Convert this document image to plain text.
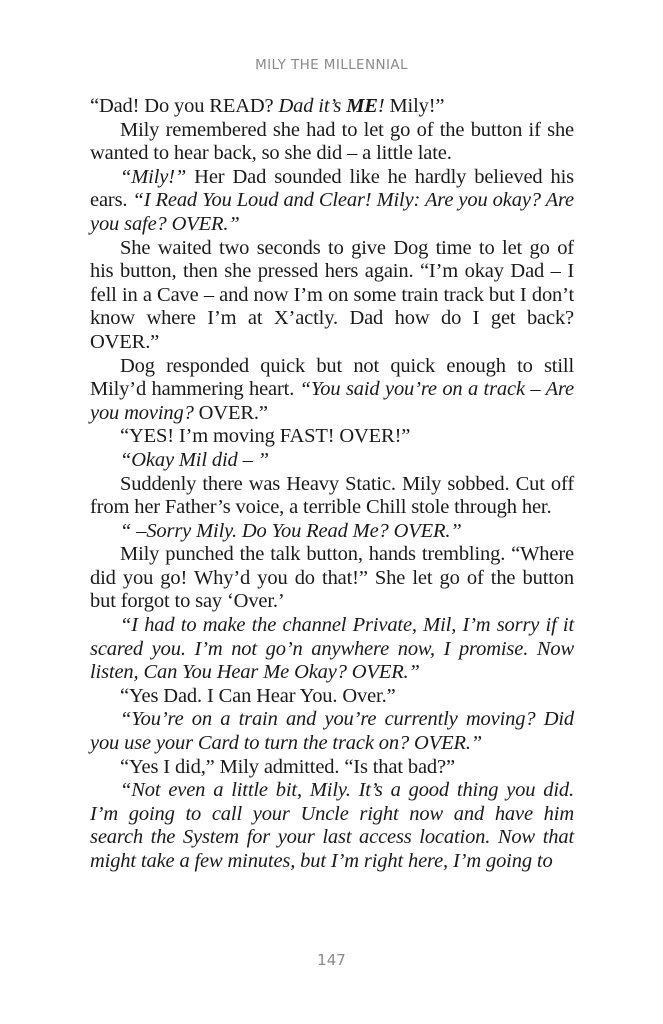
MILY THE MILLENNIAL

“Dad! Do you READ? Dad it’s ME! Mily!”

Mily remembered she had to let go of the button if she wanted to hear back, so she did – a little late.

“Mily!” Her Dad sounded like he hardly believed his ears. “I Read You Loud and Clear! Mily: Are you okay? Are you safe? OVER.”

She waited two seconds to give Dog time to let go of his button, then she pressed hers again. “I’m okay Dad – I fell in a Cave – and now I’m on some train track but I don’t know where I’m at X’actly. Dad how do I get back? OVER.”

Dog responded quick but not quick enough to still Mily’d hammering heart. “You said you’re on a track – Are you moving? OVER.”

“YES! I’m moving FAST! OVER!”

“Okay Mil did – ”

Suddenly there was Heavy Static. Mily sobbed. Cut off from her Father’s voice, a terrible Chill stole through her.

“ –Sorry Mily. Do You Read Me? OVER.”

Mily punched the talk button, hands trembling. “Where did you go! Why’d you do that!” She let go of the button but forgot to say ‘Over.’

“I had to make the channel Private, Mil, I’m sorry if it scared you. I’m not go’n anywhere now, I promise. Now listen, Can You Hear Me Okay? OVER.”

“Yes Dad. I Can Hear You. Over.”

“You’re on a train and you’re currently moving? Did you use your Card to turn the track on? OVER.”

“Yes I did,” Mily admitted. “Is that bad?”

“Not even a little bit, Mily. It’s a good thing you did. I’m going to call your Uncle right now and have him search the System for your last access location. Now that might take a few minutes, but I’m right here, I’m going to

147
